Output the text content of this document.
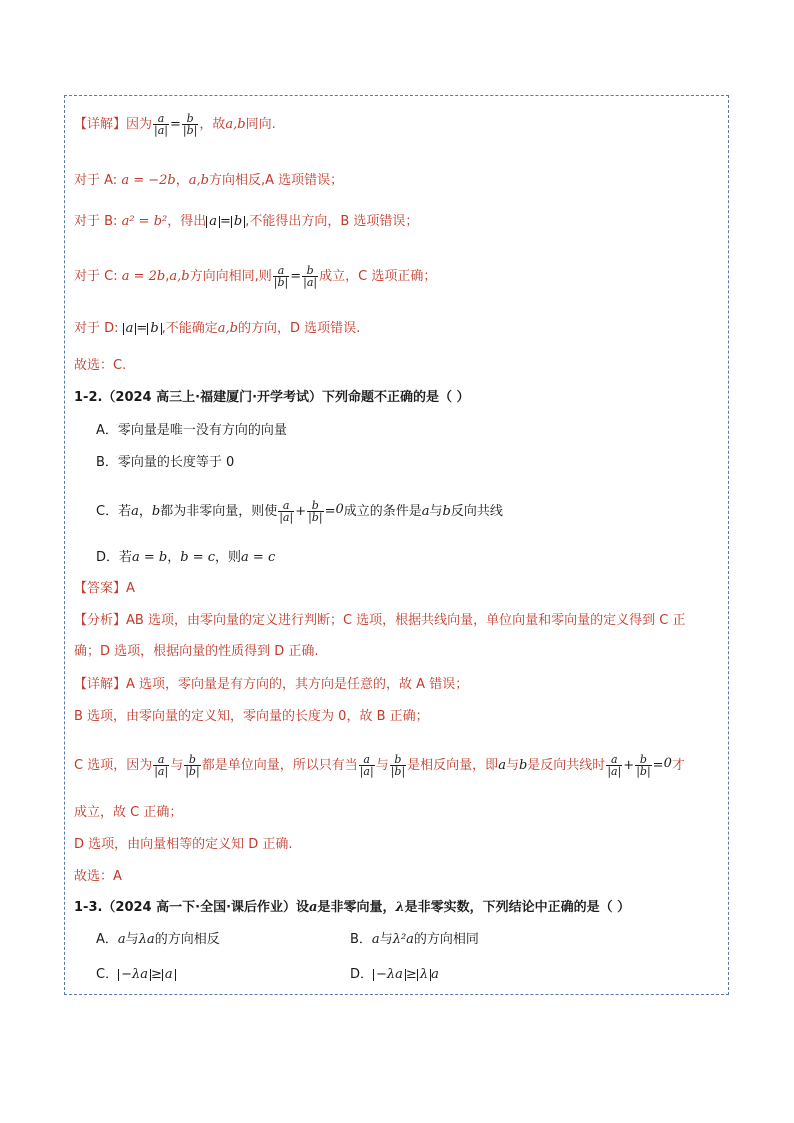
【详解】因为 $\frac{a}{|a|} = \frac{b}{|b|}$ ，故a,b同向.
对于 A: a = −2b，a,b方向相反,A 选项错误；
对于 B: a² = b²，得出 a = b ,不能得出方向，B 选项错误；
对于 C: a = 2b,a,b方向向相同,则 $\frac{a}{|b|} = \frac{b}{|a|}$ 成立，C 选项正确；
对于 D: a = b ,不能确定a,b的方向，D 选项错误.
故选：C.
1-2.（2024 高三上·福建厦门·开学考试）下列命题不正确的是（ ）
A．零向量是唯一没有方向的向量
B．零向量的长度等于 0
C．若a，b都为非零向量，则使 $\frac{a}{|a|} + \frac{b}{|b|} =0$成立的条件是a与b反向共线
D．若a = b，b = c，则a = c
【答案】A
【分析】AB 选项，由零向量的定义进行判断；C 选项，根据共线向量，单位向量和零向量的定义得到 C 正
确；D 选项，根据向量的性质得到 D 正确.
【详解】A 选项，零向量是有方向的，其方向是任意的，故 A 错误；
B 选项，由零向量的定义知，零向量的长度为 0，故 B 正确；
C 选项，因为 $\frac{a}{|a|}$ 与 $\frac{b}{|b|}$ 都是单位向量，所以只有当 $\frac{a}{|a|}$ 与 $\frac{b}{|b|}$ 是相反向量，即a与b是反向共线时 $\frac{a}{|a|} + \frac{b}{|b|} =0$才
成立，故 C 正确；
D 选项，由向量相等的定义知 D 正确.
故选：A
1-3.（2024 高一下·全国·课后作业）设a是非零向量，λ是非零实数，下列结论中正确的是（ ）
A．a与λa的方向相反	B．a与λ²a的方向相同
C． −λa ≥ a	D． −λa ≥ λ a
